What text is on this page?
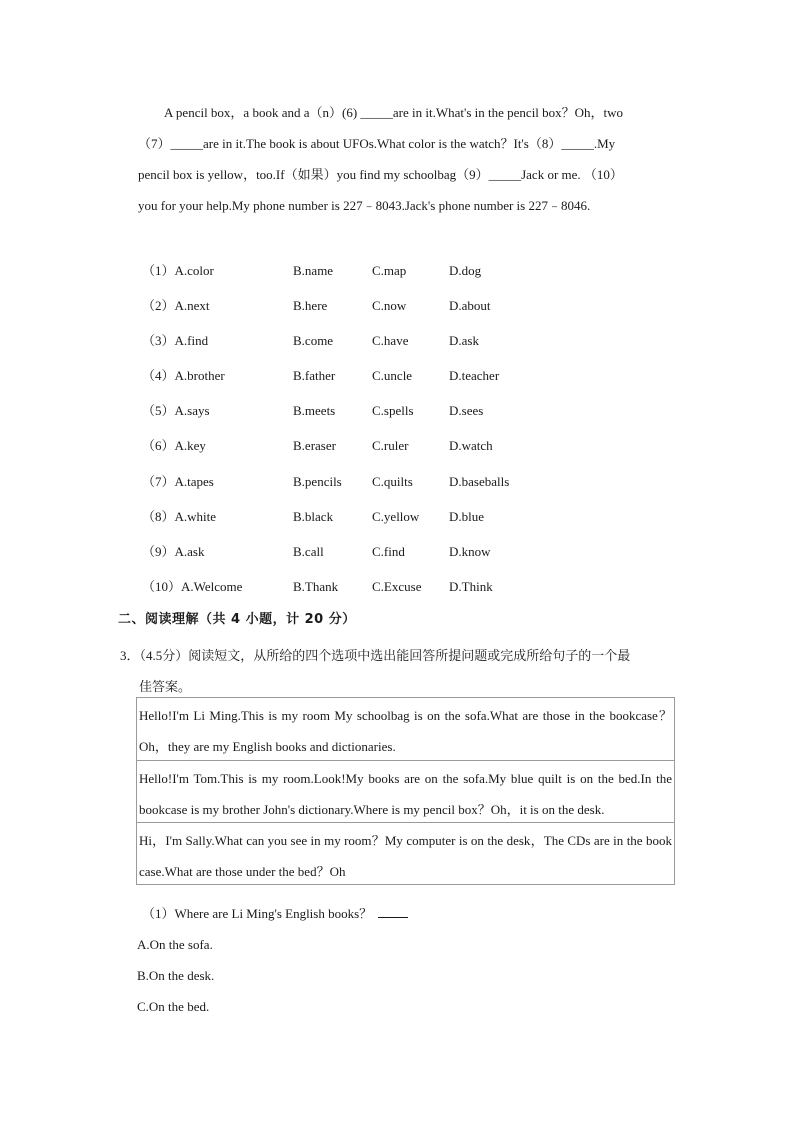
A pencil box，a book and a（n）(6) _____are in it.What's in the pencil box？Oh，two

（7）_____are in it.The book is about UFOs.What color is the watch？It's（8）_____.My

pencil box is yellow，too.If（如果）you find my schoolbag（9）_____Jack or me. （10）

you for your help.My phone number is 227﹣8043.Jack's phone number is 227﹣8046.

（1）A.color	B.name	C.map	D.dog
（2）A.next	B.here	C.now	D.about
（3）A.find	B.come	C.have	D.ask
（4）A.brother	B.father	C.uncle	D.teacher
（5）A.says	B.meets	C.spells	D.sees
（6）A.key	B.eraser	C.ruler	D.watch
（7）A.tapes	B.pencils C.quilts	D.baseballs
（8）A.white	B.black	C.yellow D.blue
（9）A.ask	B.call	C.find	D.know
（10）A.Welcome	B.Thank	C.Excuse D.Think
二、阅读理解（共 4 小题，计 20 分）
3．（4.5分）阅读短文，从所给的四个选项中选出能回答所提问题或完成所给句子的一个最
佳答案。
Hello!I'm Li Ming.This is my room My schoolbag is on the sofa.What are those in the bookcase？Oh，they are my English books and dictionaries.
Hello!I'm Tom.This is my room.Look!My books are on the sofa.My blue quilt is on the bed.In the bookcase is my brother John's dictionary.Where is my pencil box？Oh，it is on the desk.
Hi，I'm Sally.What can you see in my room？My computer is on the desk，The CDs are in the book case.What are those under the bed？Oh
（1）Where are Li Ming's English books？
A.On the sofa.
B.On the desk.
C.On the bed.
